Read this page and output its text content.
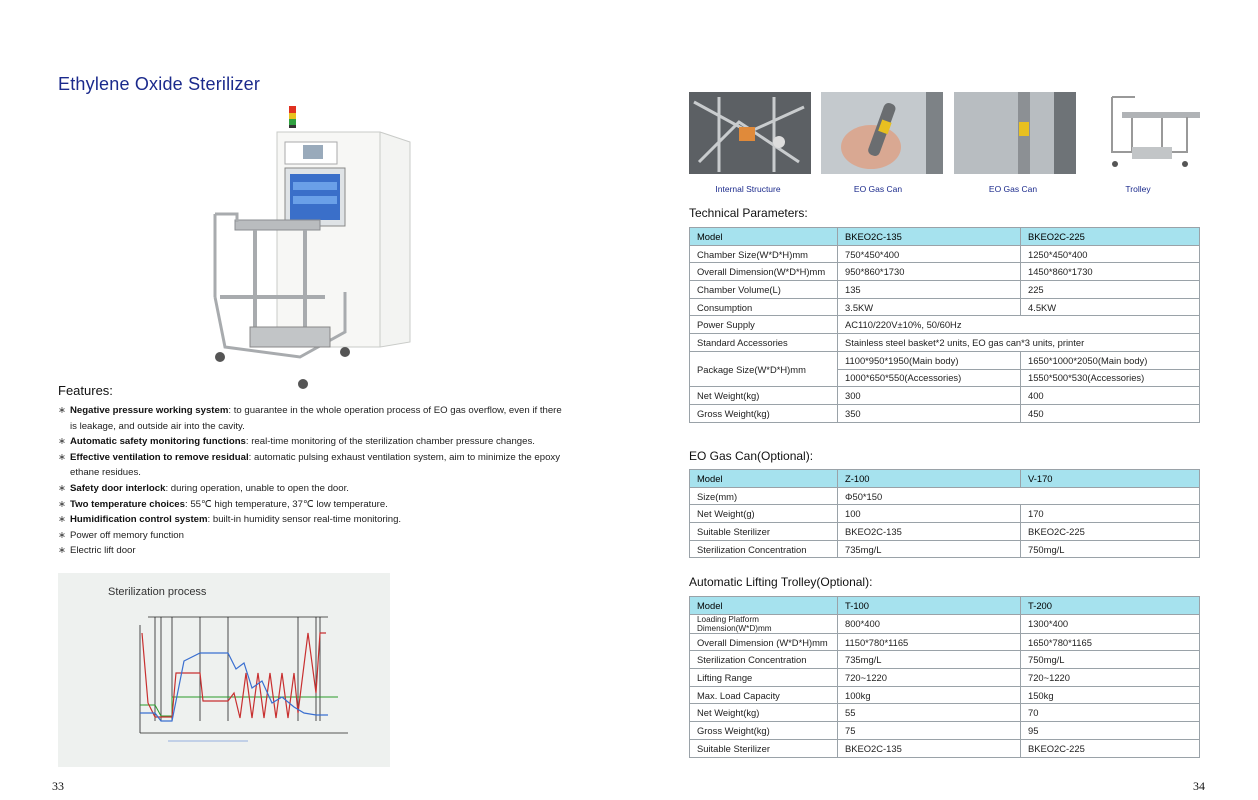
Ethylene Oxide Sterilizer
Features:
∗ Negative pressure working system: to guarantee in the whole operation process of EO gas overflow, even if there is leakage, and outside air into the cavity.
∗ Automatic safety monitoring functions: real-time monitoring of the sterilization chamber pressure changes.
∗ Effective ventilation to remove residual: automatic pulsing exhaust ventilation system, aim to minimize the epoxy ethane residues.
∗ Safety door interlock: during operation, unable to open the door.
∗ Two temperature choices: 55℃ high temperature, 37℃ low temperature.
∗ Humidification control system: built-in humidity sensor real-time monitoring.
∗ Power off memory function
∗ Electric lift door
Sterilization process
33
Internal Structure	EO Gas Can	EO Gas Can	Trolley
Technical Parameters:
Model	BKEO2C-135	BKEO2C-225
Chamber Size(W*D*H)mm	750*450*400	1250*450*400
Overall Dimension(W*D*H)mm	950*860*1730	1450*860*1730
Chamber Volume(L)	135	225
Consumption	3.5KW	4.5KW
Power Supply	AC110/220V±10%, 50/60Hz	
Standard Accessories	Stainless steel basket*2 units, EO gas can*3 units, printer	
Package Size(W*D*H)mm	1100*950*1950(Main body)	1650*1000*2050(Main body)
	1000*650*550(Accessories)	1550*500*530(Accessories)
Net Weight(kg)	300	400
Gross Weight(kg)	350	450
EO Gas Can(Optional):
Model	Z-100	V-170
Size(mm)	Φ50*150	
Net Weight(g)	100	170
Suitable Sterilizer	BKEO2C-135	BKEO2C-225
Sterilization Concentration	735mg/L	750mg/L
Automatic Lifting Trolley(Optional):
Model	T-100	T-200
Loading Platform Dimension(W*D)mm	800*400	1300*400
Overall Dimension (W*D*H)mm	1150*780*1165	1650*780*1165
Sterilization Concentration	735mg/L	750mg/L
Lifting Range	720~1220	720~1220
Max. Load Capacity	100kg	150kg
Net Weight(kg)	55	70
Gross Weight(kg)	75	95
Suitable Sterilizer	BKEO2C-135	BKEO2C-225
34
